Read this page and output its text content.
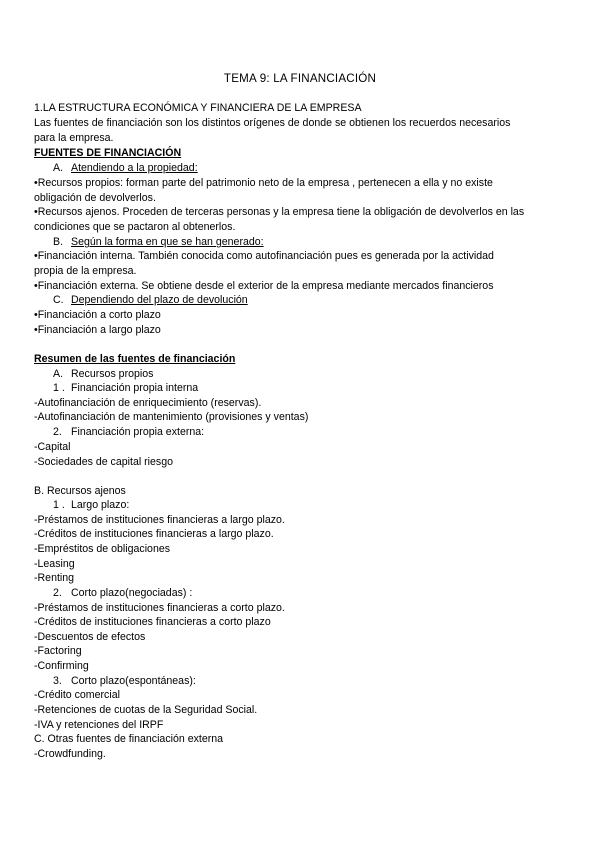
TEMA 9: LA FINANCIACIÓN
1.LA ESTRUCTURA ECONÓMICA Y FINANCIERA DE LA EMPRESA
Las fuentes de financiación son los distintos orígenes de donde se obtienen los recuerdos necesarios
para la empresa.
FUENTES DE FINANCIACIÓN
A. Atendiendo a la propiedad:
•Recursos propios: forman parte del patrimonio neto de la empresa , pertenecen a ella y no existe
obligación de devolverlos.
•Recursos ajenos. Proceden de terceras personas y la empresa tiene la obligación de devolverlos en las
condiciones que se pactaron al obtenerlos.
B. Según la forma en que se han generado:
•Financiación interna. También conocida como autofinanciación pues es generada por la actividad
propia de la empresa.
•Financiación externa. Se obtiene desde el exterior de la empresa mediante mercados financieros
C. Dependiendo del plazo de devolución
•Financiación a corto plazo
•Financiación a largo plazo
Resumen de las fuentes de financiación
A. Recursos propios
1 . Financiación propia interna
-Autofinanciación de enriquecimiento (reservas).
-Autofinanciación de mantenimiento (provisiones y ventas)
2. Financiación propia externa:
-Capital
-Sociedades de capital riesgo
B. Recursos ajenos
1 . Largo plazo:
-Préstamos de instituciones financieras a largo plazo.
-Créditos de instituciones financieras a largo plazo.
-Empréstitos de obligaciones
-Leasing
-Renting
2. Corto plazo(negociadas) :
-Préstamos de instituciones financieras a corto plazo.
-Créditos de instituciones financieras a corto plazo
-Descuentos de efectos
-Factoring
-Confirming
3. Corto plazo(espontáneas):
-Crédito comercial
-Retenciones de cuotas de la Seguridad Social.
-IVA y retenciones del IRPF
C. Otras fuentes de financiación externa
-Crowdfunding.
